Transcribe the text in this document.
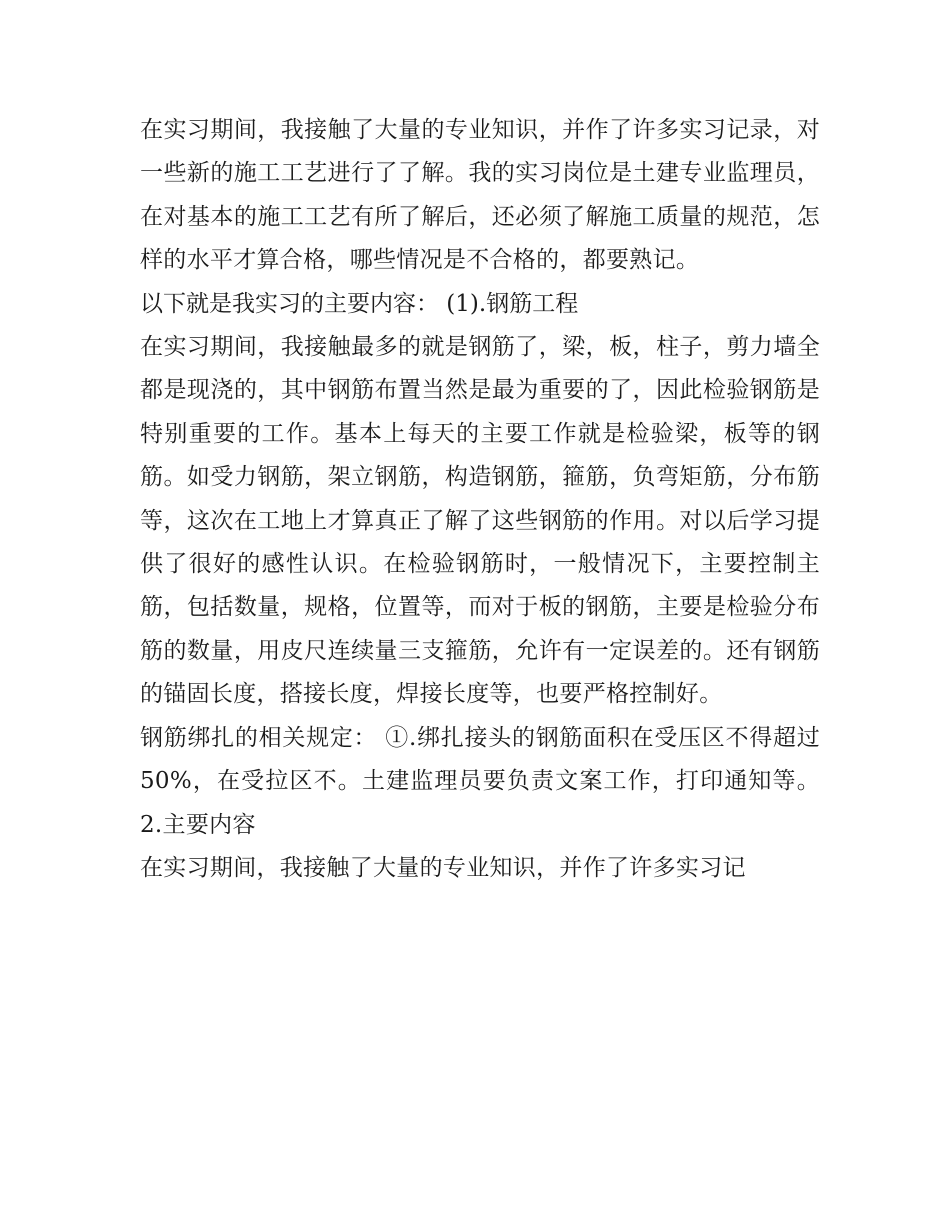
在实习期间，我接触了大量的专业知识，并作了许多实习记录，对一些新的施工工艺进行了了解。我的实习岗位是土建专业监理员，在对基本的施工工艺有所了解后，还必须了解施工质量的规范，怎样的水平才算合格，哪些情况是不合格的，都要熟记。

以下就是我实习的主要内容： (1).钢筋工程

在实习期间，我接触最多的就是钢筋了，梁，板，柱子，剪力墙全都是现浇的，其中钢筋布置当然是最为重要的了，因此检验钢筋是特别重要的工作。基本上每天的主要工作就是检验梁，板等的钢筋。如受力钢筋，架立钢筋，构造钢筋，箍筋，负弯矩筋，分布筋等，这次在工地上才算真正了解了这些钢筋的作用。对以后学习提供了很好的感性认识。在检验钢筋时，一般情况下，主要控制主筋，包括数量，规格，位置等，而对于板的钢筋，主要是检验分布筋的数量，用皮尺连续量三支箍筋，允许有一定误差的。还有钢筋的锚固长度，搭接长度，焊接长度等，也要严格控制好。

钢筋绑扎的相关规定： ①.绑扎接头的钢筋面积在受压区不得超过 50%，在受拉区不。土建监理员要负责文案工作，打印通知等。 2.主要内容

在实习期间，我接触了大量的专业知识，并作了许多实习记
